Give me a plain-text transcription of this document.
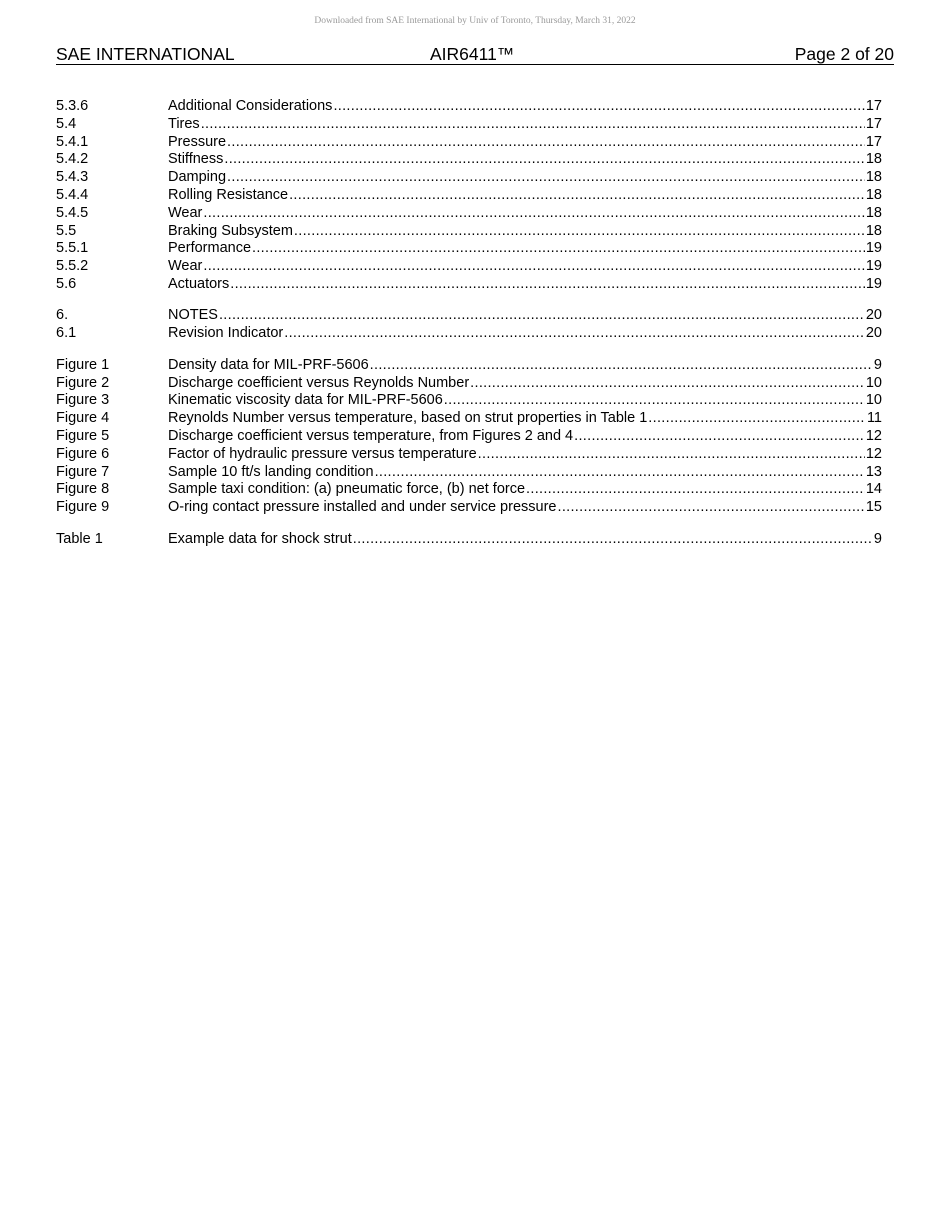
Downloaded from SAE International by Univ of Toronto, Thursday, March 31, 2022
SAE INTERNATIONAL	AIR6411™	Page 2 of 20
5.3.6	Additional Considerations .....	17
5.4	Tires .....	17
5.4.1	Pressure .....	17
5.4.2	Stiffness .....	18
5.4.3	Damping .....	18
5.4.4	Rolling Resistance .....	18
5.4.5	Wear .....	18
5.5	Braking Subsystem .....	18
5.5.1	Performance .....	19
5.5.2	Wear .....	19
5.6	Actuators .....	19
6.	NOTES .....	20
6.1	Revision Indicator .....	20
Figure 1	Density data for MIL-PRF-5606 .....	9
Figure 2	Discharge coefficient versus Reynolds Number .....	10
Figure 3	Kinematic viscosity data for MIL-PRF-5606 .....	10
Figure 4	Reynolds Number versus temperature, based on strut properties in Table 1 .....	11
Figure 5	Discharge coefficient versus temperature, from Figures 2 and 4 .....	12
Figure 6	Factor of hydraulic pressure versus temperature .....	12
Figure 7	Sample 10 ft/s landing condition .....	13
Figure 8	Sample taxi condition: (a) pneumatic force, (b) net force .....	14
Figure 9	O-ring contact pressure installed and under service pressure .....	15
Table 1	Example data for shock strut .....	9
